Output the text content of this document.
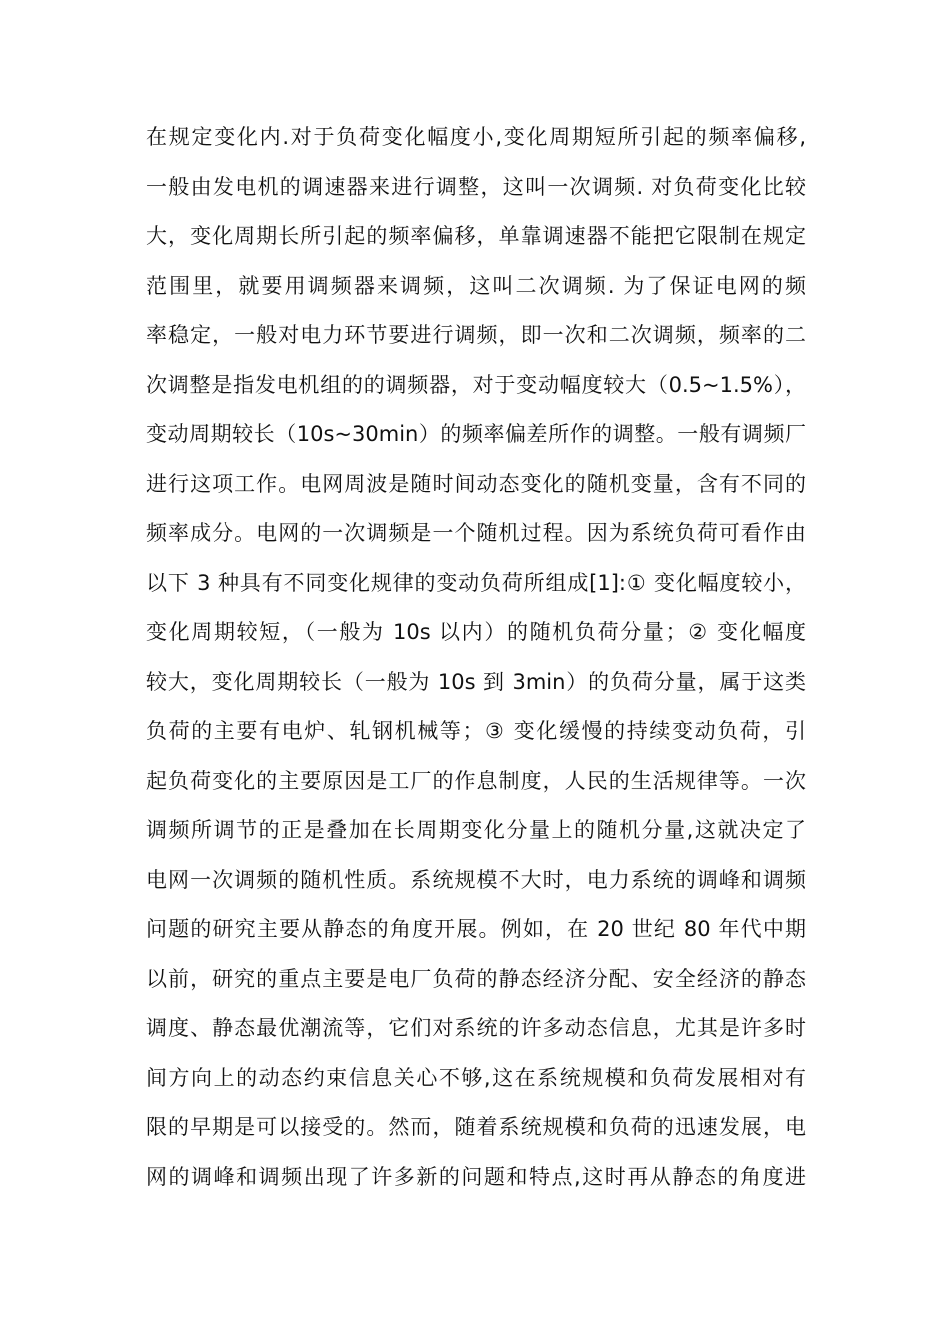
在规定变化内.对于负荷变化幅度小,变化周期短所引起的频率偏移,
一般由发电机的调速器来进行调整，这叫一次调频. 对负荷变化比较
大，变化周期长所引起的频率偏移，单靠调速器不能把它限制在规定
范围里，就要用调频器来调频，这叫二次调频. 为了保证电网的频
率稳定，一般对电力环节要进行调频，即一次和二次调频，频率的二
次调整是指发电机组的的调频器，对于变动幅度较大（0.5~1.5%），
变动周期较长（10s~30min）的频率偏差所作的调整。一般有调频厂
进行这项工作。电网周波是随时间动态变化的随机变量，含有不同的
频率成分。电网的一次调频是一个随机过程。因为系统负荷可看作由
以下 3 种具有不同变化规律的变动负荷所组成[1]:① 变化幅度较小，
变化周期较短，（一般为 10s 以内）的随机负荷分量；② 变化幅度
较大，变化周期较长（一般为 10s 到 3min）的负荷分量，属于这类
负荷的主要有电炉、轧钢机械等；③ 变化缓慢的持续变动负荷，引
起负荷变化的主要原因是工厂的作息制度，人民的生活规律等。一次
调频所调节的正是叠加在长周期变化分量上的随机分量,这就决定了
电网一次调频的随机性质。系统规模不大时，电力系统的调峰和调频
问题的研究主要从静态的角度开展。例如，在 20 世纪 80 年代中期
以前，研究的重点主要是电厂负荷的静态经济分配、安全经济的静态
调度、静态最优潮流等，它们对系统的许多动态信息，尤其是许多时
间方向上的动态约束信息关心不够,这在系统规模和负荷发展相对有
限的早期是可以接受的。然而，随着系统规模和负荷的迅速发展，电
网的调峰和调频出现了许多新的问题和特点,这时再从静态的角度进
